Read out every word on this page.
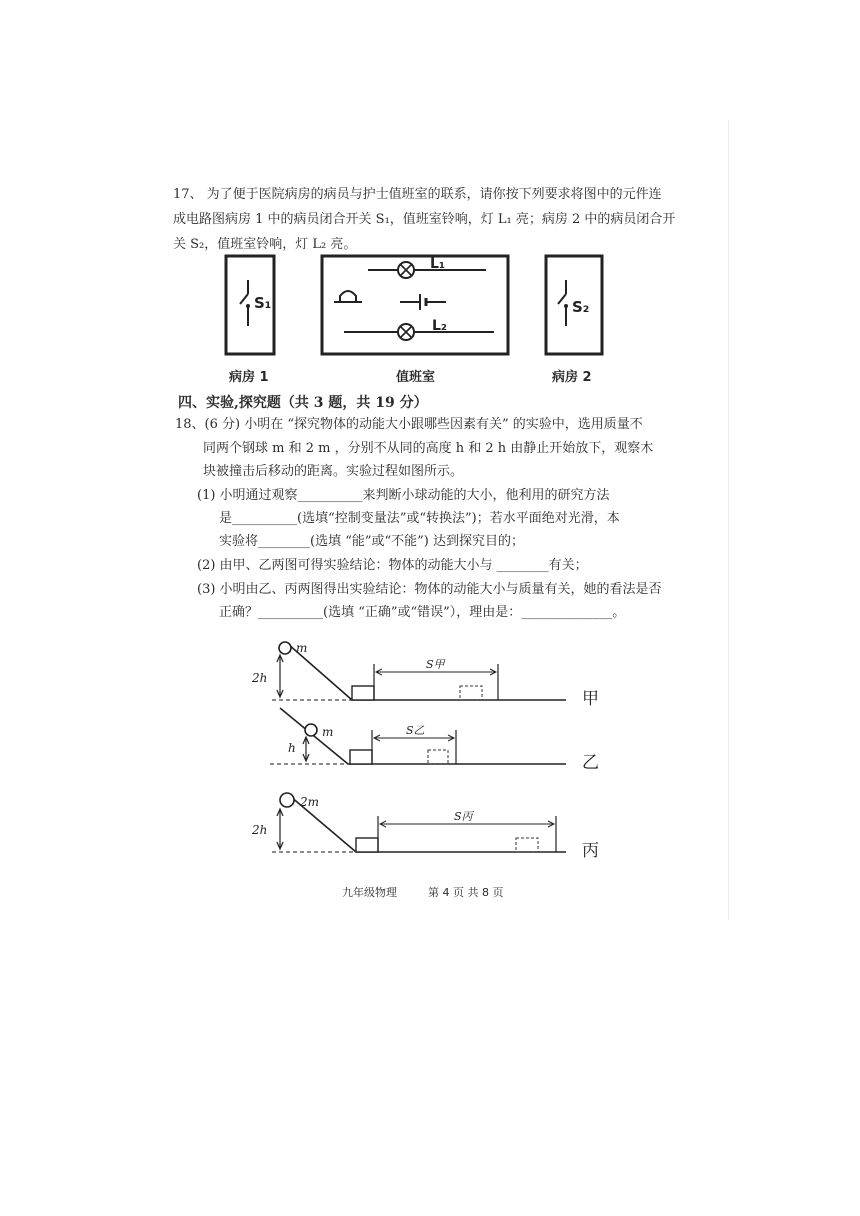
17、 为了便于医院病房的病员与护士值班室的联系，请你按下列要求将图中的元件连
成电路图病房 1 中的病员闭合开关 S₁，值班室铃响，灯 L₁ 亮；病房 2 中的病员闭合开
关 S₂，值班室铃响，灯 L₂ 亮。
S₁
L₁
L₂
S₂
病房 1	值班室	病房 2
四、实验,探究题（共 3 题，共 19 分）
18、(6 分) 小明在 “探究物体的动能大小跟哪些因素有关” 的实验中，选用质量不
同两个钢球 m 和 2 m ，分别不从同的高度 h 和 2 h 由静止开始放下，观察木
块被撞击后移动的距离。实验过程如图所示。
(1) 小明通过观察__________来判断小球动能的大小，他利用的研究方法
是__________(选填“控制变量法”或“转换法”)；若水平面绝对光滑，本
实验将________(选填 “能”或“不能”) 达到探究目的；
(2) 由甲、乙两图可得实验结论：物体的动能大小与 ________有关；
(3) 小明由乙、丙两图得出实验结论：物体的动能大小与质量有关，她的看法是否
正确？__________(选填 “正确”或“错误”），理由是：______________。
m
2h
S甲
甲
m
h
S乙
乙
2m
2h
S丙
丙
九年级物理	第 4 页 共 8 页
